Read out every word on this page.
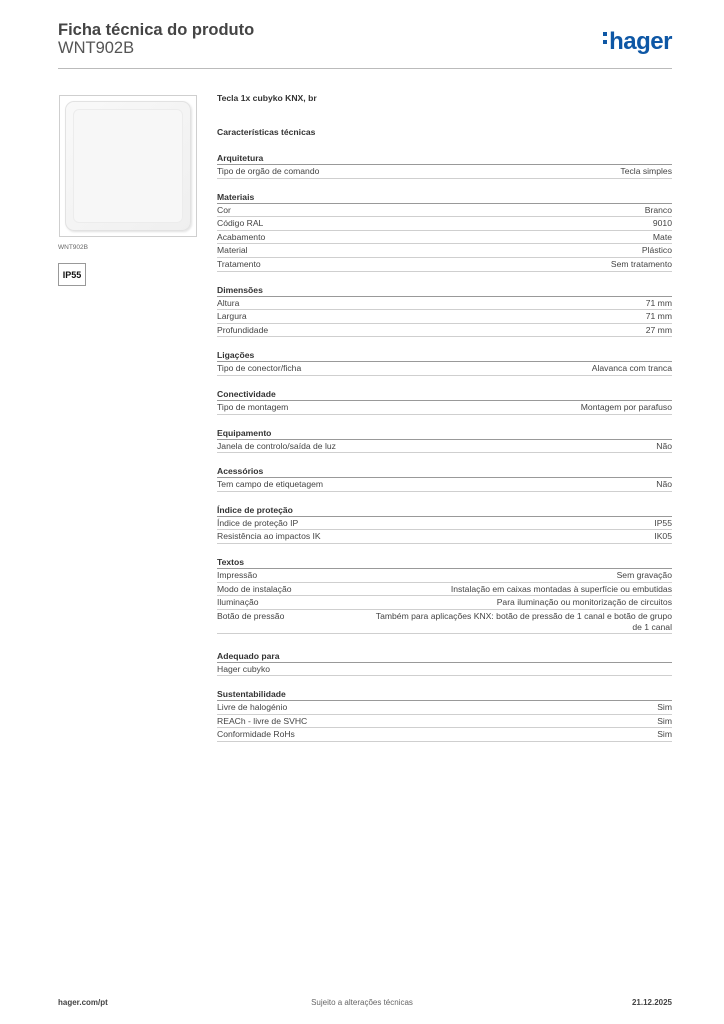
Ficha técnica do produto
WNT902B	hager
WNT902B
IP55
Tecla 1x cubyko KNX, br
Características técnicas
Arquitetura
Tipo de orgão de comando	Tecla simples
Materiais
Cor	Branco
Código RAL	9010
Acabamento	Mate
Material	Plástico
Tratamento	Sem tratamento
Dimensões
Altura	71 mm
Largura	71 mm
Profundidade	27 mm
Ligações
Tipo de conector/ficha	Alavanca com tranca
Conectividade
Tipo de montagem	Montagem por parafuso
Equipamento
Janela de controlo/saída de luz	Não
Acessórios
Tem campo de etiquetagem	Não
Índice de proteção
Índice de proteção IP	IP55
Resistência ao impactos IK	IK05
Textos
Impressão	Sem gravação
Modo de instalação	Instalação em caixas montadas à superfície ou embutidas
Iluminação	Para iluminação ou monitorização de circuitos
Botão de pressão	Também para aplicações KNX: botão de pressão de 1 canal e botão de grupo de 1 canal
Adequado para
Hager cubyko
Sustentabilidade
Livre de halogénio	Sim
REACh - livre de SVHC	Sim
Conformidade RoHs	Sim
hager.com/pt	Sujeito a alterações técnicas	21.12.2025
